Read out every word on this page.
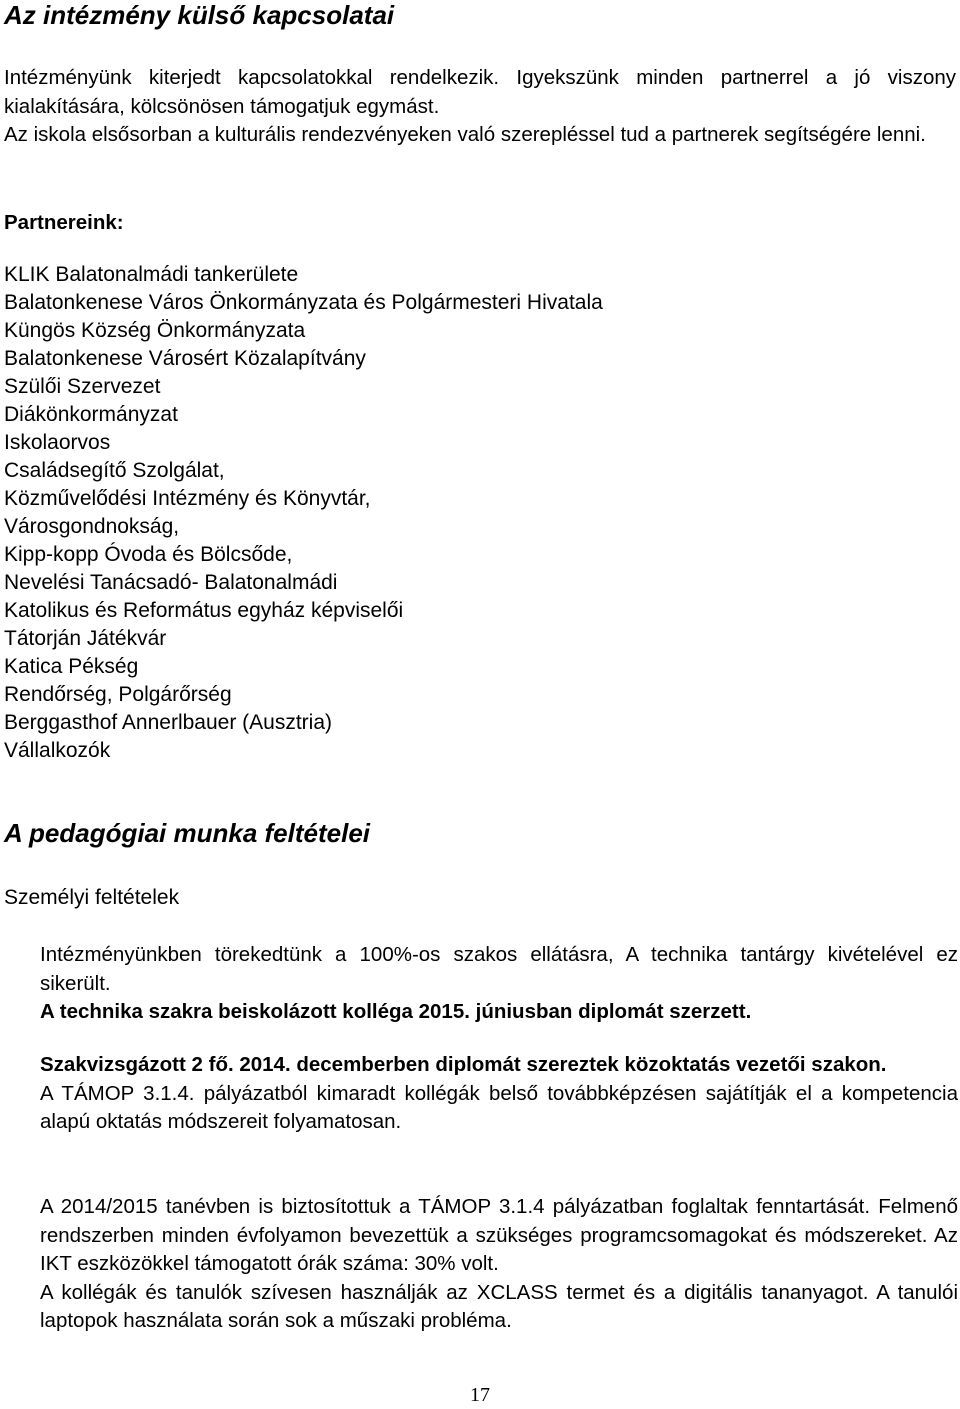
Az intézmény külső kapcsolatai

Intézményünk kiterjedt kapcsolatokkal rendelkezik. Igyekszünk minden partnerrel a jó viszony kialakítására, kölcsönösen támogatjuk egymást.

Az iskola elsősorban a kulturális rendezvényeken való szerepléssel tud a partnerek segítségére lenni.

Partnereink:
KLIK Balatonalmádi tankerülete
Balatonkenese Város Önkormányzata és Polgármesteri Hivatala
Küngös Község Önkormányzata
Balatonkenese Városért Közalapítvány
Szülői Szervezet
Diákönkormányzat
Iskolaorvos
Családsegítő Szolgálat,
Közművelődési Intézmény és Könyvtár,
Városgondnokság,
Kipp-kopp Óvoda és Bölcsőde,
Nevelési Tanácsadó- Balatonalmádi
Katolikus és Református egyház képviselői
Tátorján Játékvár
Katica Pékség
Rendőrség, Polgárőrség
Berggasthof Annerlbauer (Ausztria)
Vállalkozók
A pedagógiai munka feltételei
Személyi feltételek

Intézményünkben törekedtünk a 100%-os szakos ellátásra, A technika tantárgy kivételével ez sikerült.

A technika szakra beiskolázott kolléga 2015. júniusban diplomát szerzett.

Szakvizsgázott 2 fő. 2014. decemberben diplomát szereztek közoktatás vezetői szakon.

A TÁMOP 3.1.4. pályázatból kimaradt kollégák belső továbbképzésen sajátítják el a kompetencia alapú oktatás módszereit folyamatosan.

A 2014/2015 tanévben is biztosítottuk a TÁMOP 3.1.4 pályázatban foglaltak fenntartását. Felmenő rendszerben minden évfolyamon bevezettük a szükséges programcsomagokat és módszereket. Az IKT eszközökkel támogatott órák száma: 30% volt.

A kollégák és tanulók szívesen használják az XCLASS termet és a digitális tananyagot. A tanulói laptopok használata során sok a műszaki probléma.

17
